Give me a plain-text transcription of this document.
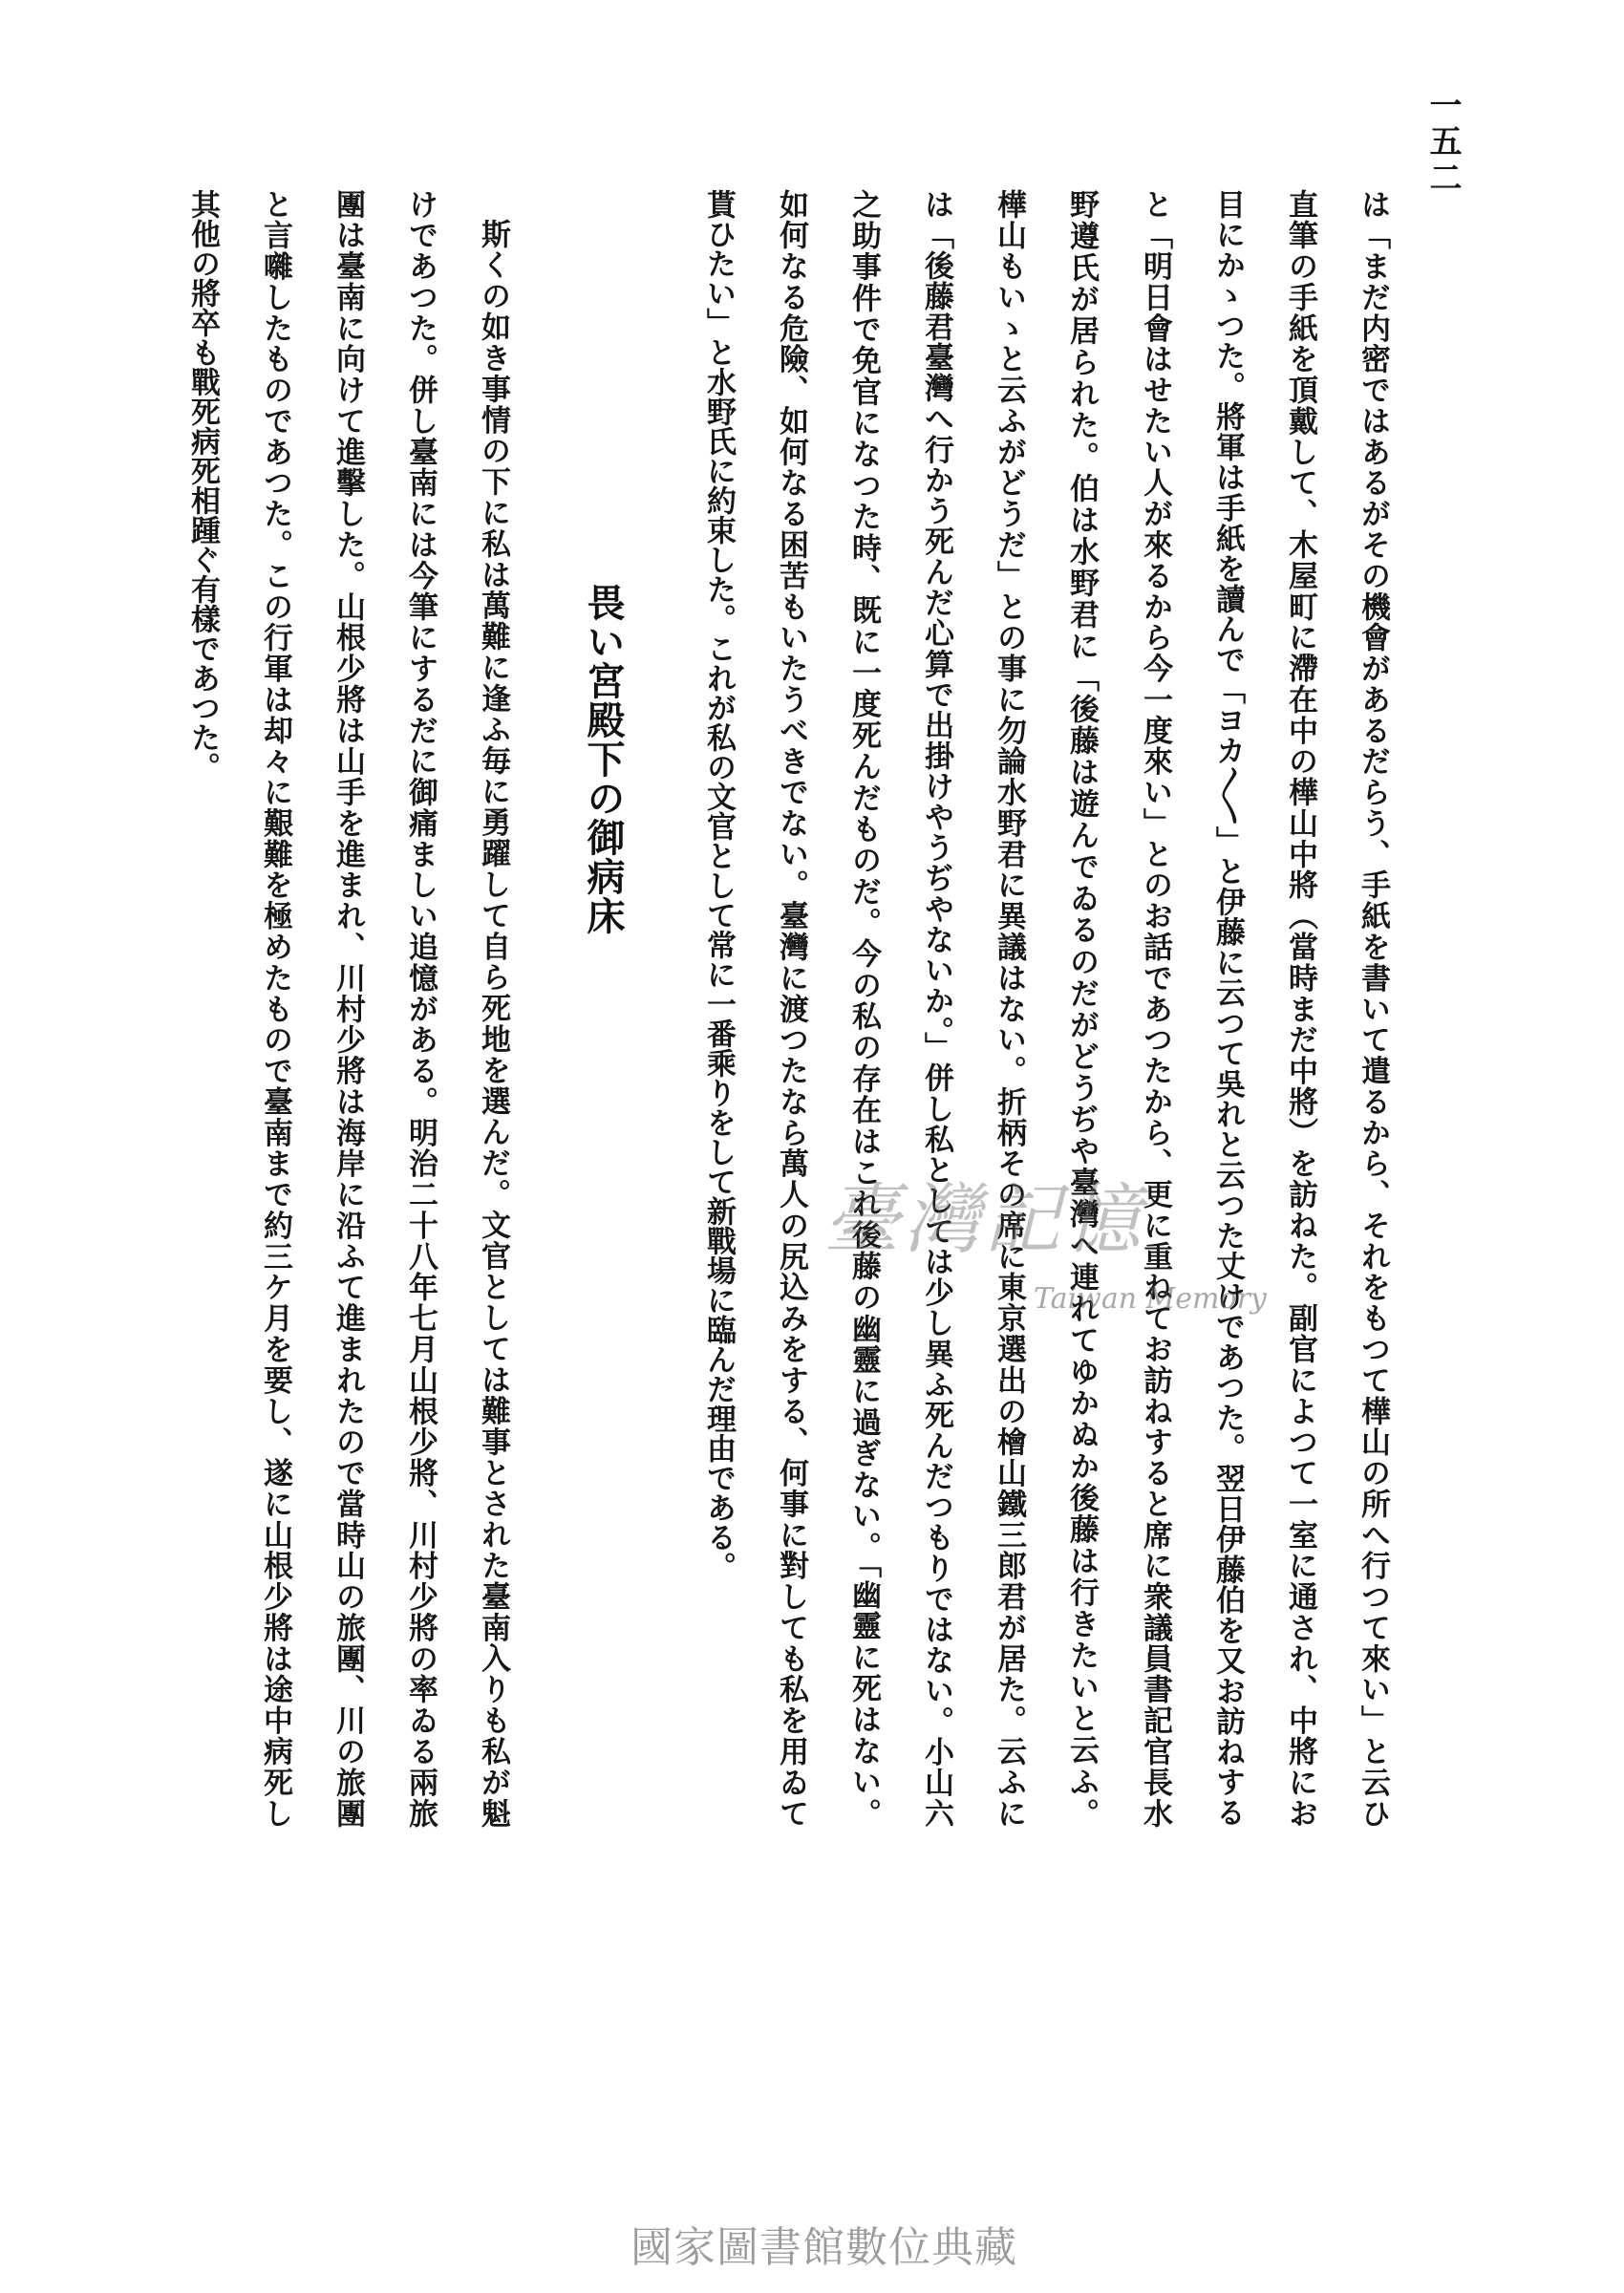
一五二
は「まだ内密ではあるがその機會があるだらう、手紙を書いて遣るから、それをもつて樺山の所へ行つて來い」と云ひ
直筆の手紙を頂戴して、木屋町に滯在中の樺山中將（當時まだ中將）を訪ねた。副官によつて一室に通され、中將にお
目にかゝつた。將軍は手紙を讀んで「ヨカ〳〵」と伊藤に云つて吳れと云つた丈けであつた。翌日伊藤伯を又お訪ねする
と「明日會はせたい人が來るから今一度來い」とのお話であつたから、更に重ねてお訪ねすると席に衆議員書記官長水
野遵氏が居られた。伯は水野君に「後藤は遊んでゐるのだがどうぢや臺灣へ連れてゆかぬか後藤は行きたいと云ふ。
樺山もいゝと云ふがどうだ」との事に勿論水野君に異議はない。折柄その席に東京選出の檜山鐵三郎君が居た。云ふに
は「後藤君臺灣へ行かう死んだ心算で出掛けやうぢやないか。」併し私としては少し異ふ死んだつもりではない。小山六
之助事件で免官になつた時、既に一度死んだものだ。今の私の存在はこれ後藤の幽靈に過ぎない。「幽靈に死はない。
如何なる危險、如何なる困苦もいたうべきでない。臺灣に渡つたなら萬人の尻込みをする、何事に對しても私を用ゐて
貰ひたい」と水野氏に約束した。これが私の文官として常に一番乘りをして新戰場に臨んだ理由である。
畏い宮殿下の御病床
斯くの如き事情の下に私は萬難に逢ふ毎に勇躍して自ら死地を選んだ。文官としては難事とされた臺南入りも私が魁
けであつた。併し臺南には今筆にするだに御痛ましい追憶がある。明治二十八年七月山根少將、川村少將の率ゐる兩旅
團は臺南に向けて進擊した。山根少將は山手を進まれ、川村少將は海岸に沿ふて進まれたので當時山の旅團、川の旅團
と言囃したものであつた。この行軍は却々に艱難を極めたもので臺南まで約三ケ月を要し、遂に山根少將は途中病死し
其他の將卒も戰死病死相踵ぐ有樣であつた。
臺灣記憶
Taiwan Memory
國家圖書館數位典藏
